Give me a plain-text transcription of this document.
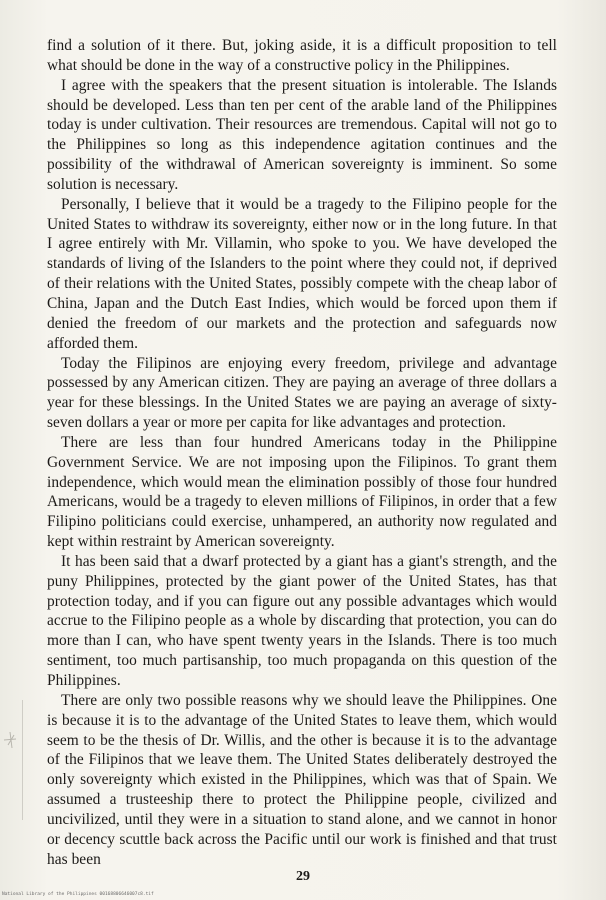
find a solution of it there. But, joking aside, it is a difficult proposition to tell what should be done in the way of a constructive policy in the Philippines.

I agree with the speakers that the present situation is intolerable. The Islands should be developed. Less than ten per cent of the arable land of the Philippines today is under cultivation. Their resources are tremendous. Capital will not go to the Philippines so long as this independence agitation continues and the possibility of the withdrawal of American sovereignty is imminent. So some solution is necessary.

Personally, I believe that it would be a tragedy to the Filipino people for the United States to withdraw its sovereignty, either now or in the long future. In that I agree entirely with Mr. Villamin, who spoke to you. We have developed the standards of living of the Islanders to the point where they could not, if deprived of their relations with the United States, possibly compete with the cheap labor of China, Japan and the Dutch East Indies, which would be forced upon them if denied the freedom of our markets and the protection and safeguards now afforded them.

Today the Filipinos are enjoying every freedom, privilege and advantage possessed by any American citizen. They are paying an average of three dollars a year for these blessings. In the United States we are paying an average of sixty-seven dollars a year or more per capita for like advantages and protection.

There are less than four hundred Americans today in the Philippine Government Service. We are not imposing upon the Filipinos. To grant them independence, which would mean the elimination possibly of those four hundred Americans, would be a tragedy to eleven millions of Filipinos, in order that a few Filipino politicians could exercise, unhampered, an authority now regulated and kept within restraint by American sovereignty.

It has been said that a dwarf protected by a giant has a giant's strength, and the puny Philippines, protected by the giant power of the United States, has that protection today, and if you can figure out any possible advantages which would accrue to the Filipino people as a whole by discarding that protection, you can do more than I can, who have spent twenty years in the Islands. There is too much sentiment, too much partisanship, too much propaganda on this question of the Philippines.

There are only two possible reasons why we should leave the Philippines. One is because it is to the advantage of the United States to leave them, which would seem to be the thesis of Dr. Willis, and the other is because it is to the advantage of the Filipinos that we leave them. The United States deliberately destroyed the only sovereignty which existed in the Philippines, which was that of Spain. We assumed a trusteeship there to protect the Philippine people, civilized and uncivilized, until they were in a situation to stand alone, and we cannot in honor or decency scuttle back across the Pacific until our work is finished and that trust has been

29
National Library of the Philippines 00168806646007c8.tif
